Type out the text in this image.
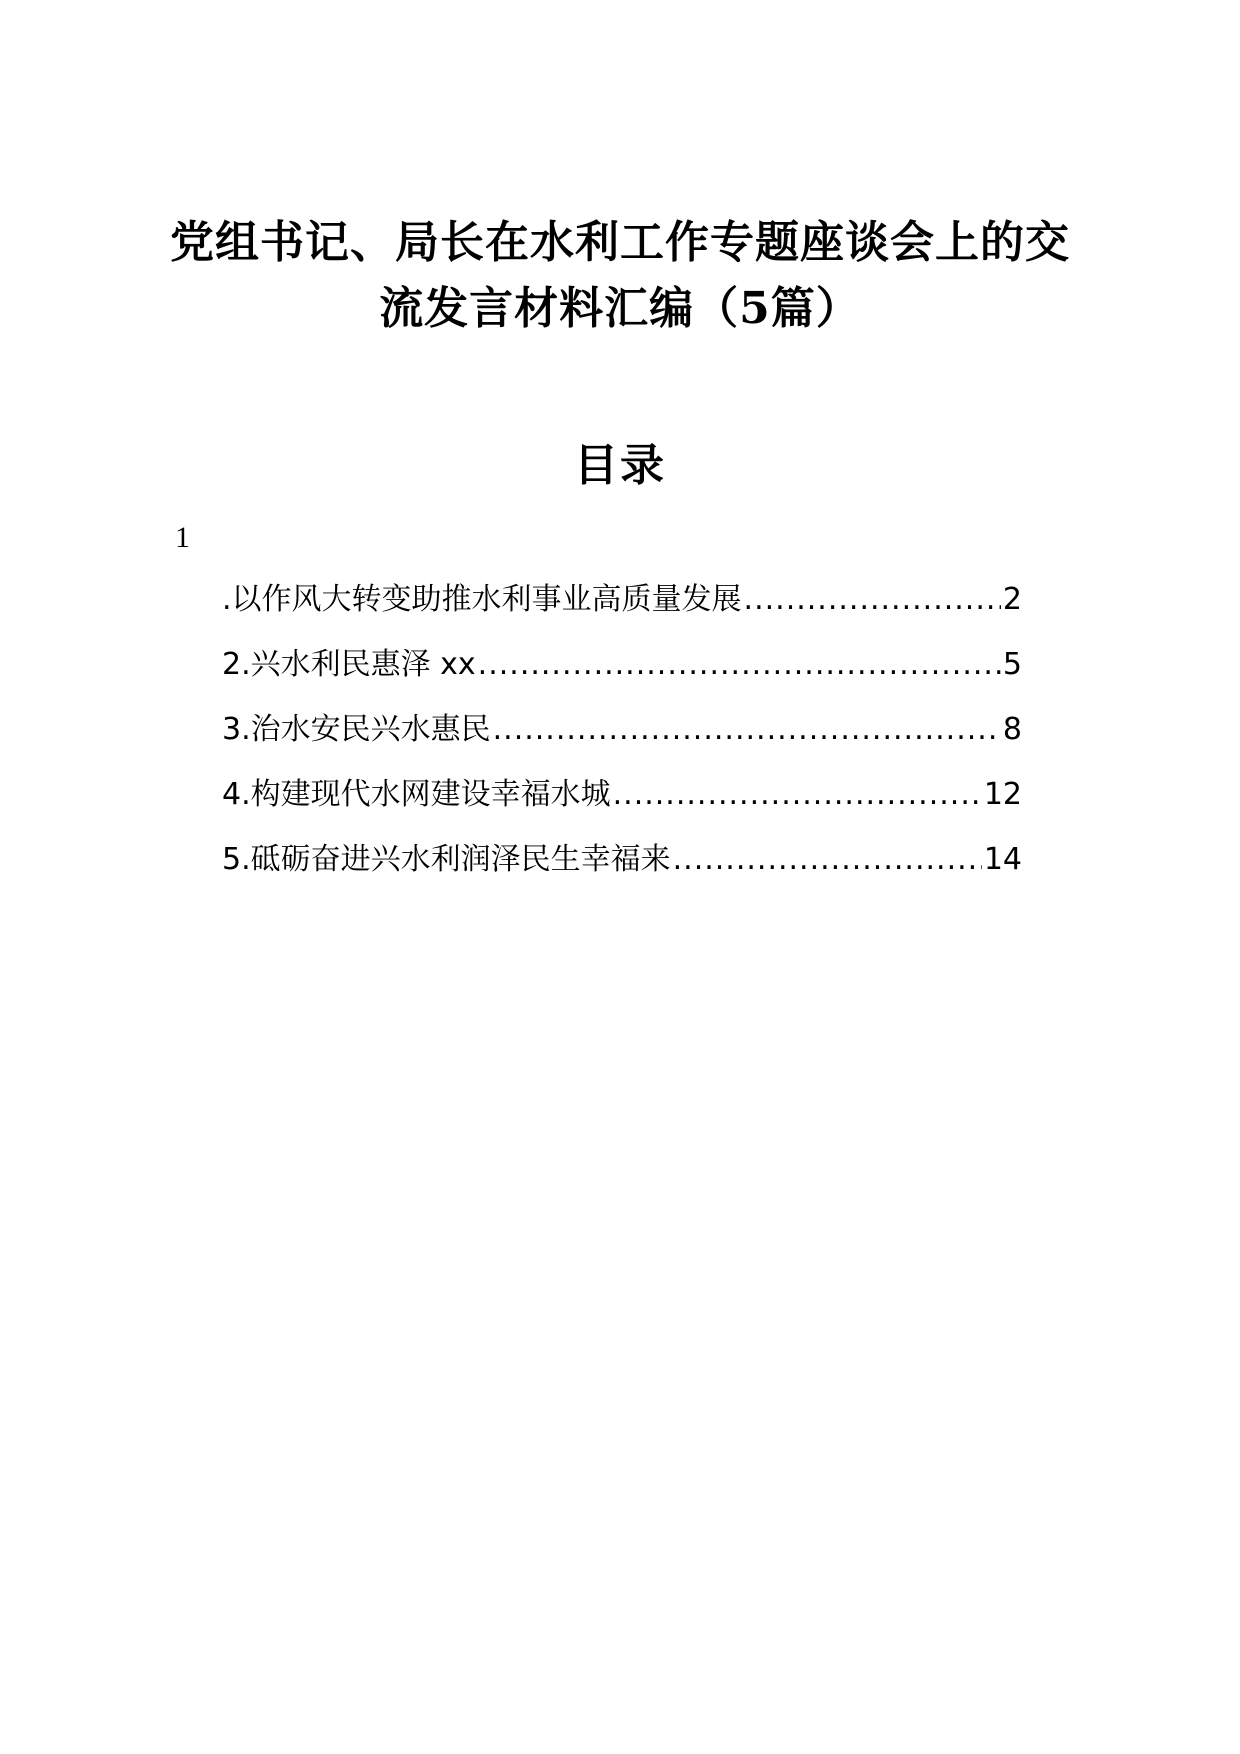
党组书记、局长在水利工作专题座谈会上的交
流发言材料汇编（5篇）
目录
1
.以作风大转变助推水利事业高质量发展 .....	2
2.兴水利民惠泽 xx .....	5
3.治水安民兴水惠民 .....	8
4.构建现代水网建设幸福水城 .....	12
5.砥砺奋进兴水利润泽民生幸福来 .....	14
